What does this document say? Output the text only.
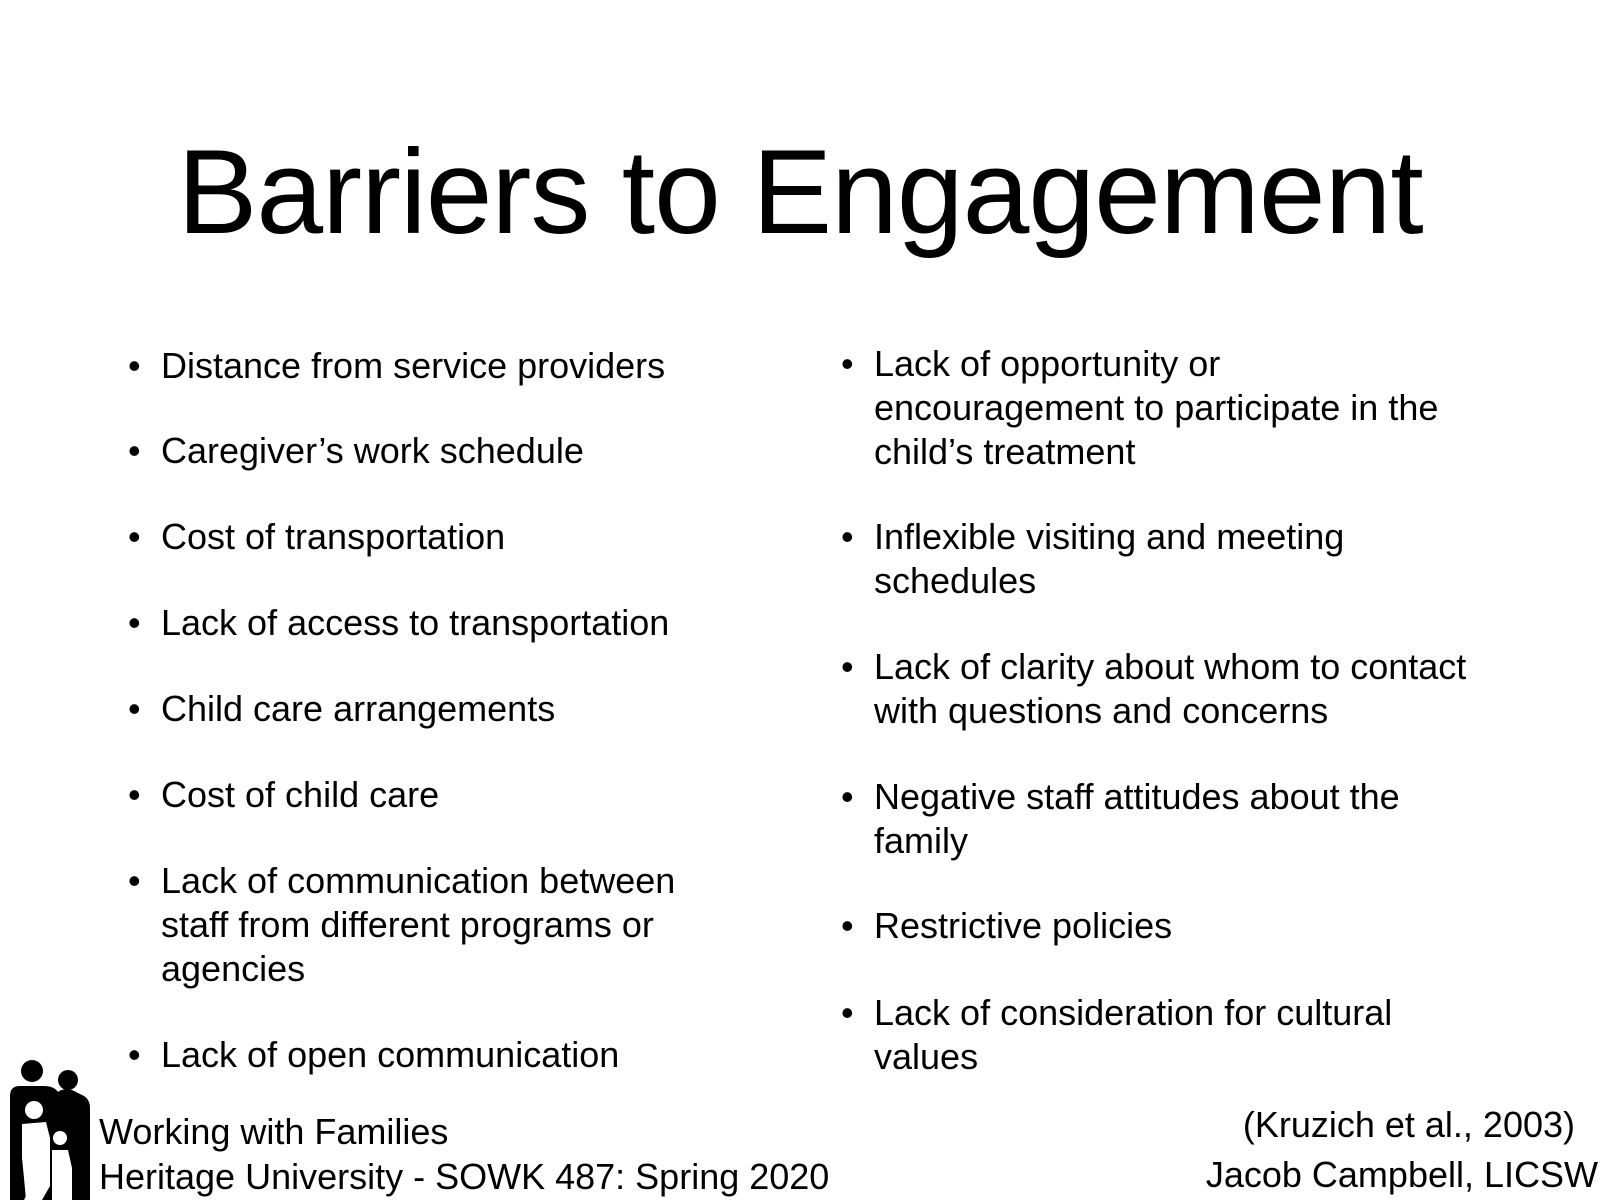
Barriers to Engagement
• Distance from service providers
• Caregiver’s work schedule
• Cost of transportation
• Lack of access to transportation
• Child care arrangements
• Cost of child care
• Lack of communication between staff from different programs or agencies
• Lack of open communication
• Lack of opportunity or encouragement to participate in the child’s treatment
• Inflexible visiting and meeting schedules
• Lack of clarity about whom to contact with questions and concerns
• Negative staff attitudes about the family
• Restrictive policies
• Lack of consideration for cultural values
Working with Families
Heritage University - SOWK 487: Spring 2020
(Kruzich et al., 2003)
Jacob Campbell, LICSW
